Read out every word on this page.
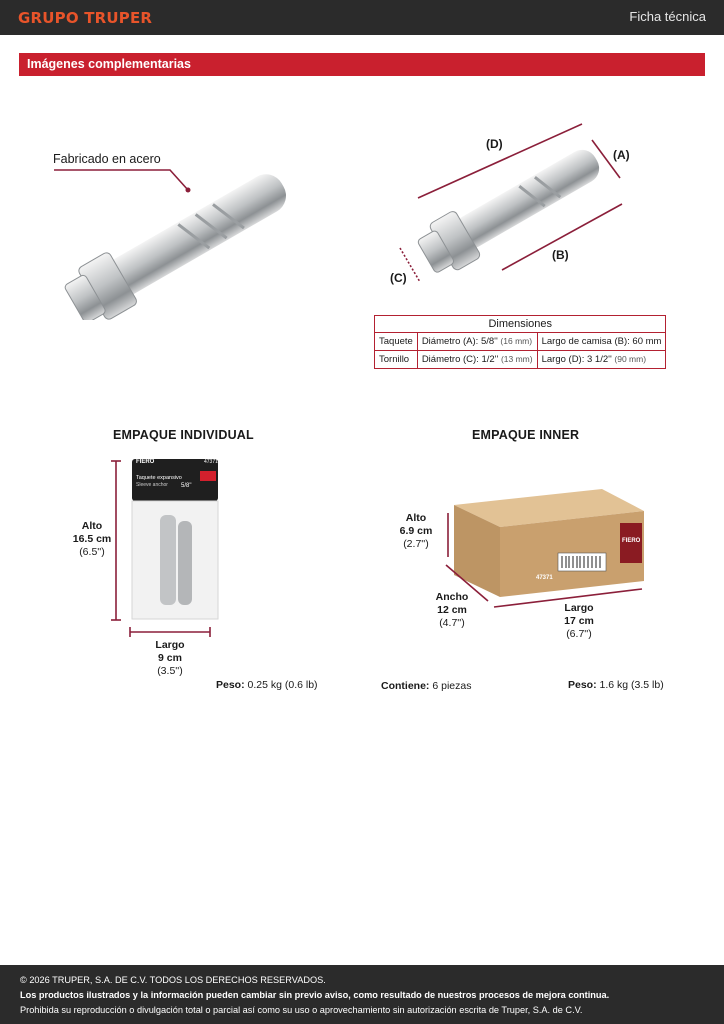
GRUPO TRUPER	Ficha técnica
Imágenes complementarias
Fabricado en acero
(D)
(A)
(B)
(C)
Dimensiones		
Taquete	Diámetro (A): 5/8'' (16 mm)	Largo de camisa (B): 60 mm
Tornillo	Diámetro (C): 1/2'' (13 mm)	Largo (D): 3 1/2'' (90 mm)
EMPAQUE INDIVIDUAL
FIERO	47371
Taquete expansivo
Sleeve anchor 5/8"
Alto
16.5 cm
(6.5'')
Largo
9 cm
(3.5'')
Peso: 0.25 kg (0.6 lb)
EMPAQUE INNER
47371
FIERO
Alto
6.9 cm
(2.7'')
Ancho
12 cm
(4.7'')
Largo
17 cm
(6.7'')
Contiene: 6 piezas	Peso: 1.6 kg (3.5 lb)
© 2026 TRUPER, S.A. DE C.V. TODOS LOS DERECHOS RESERVADOS.
Los productos ilustrados y la información pueden cambiar sin previo aviso, como resultado de nuestros procesos de mejora continua.
Prohibida su reproducción o divulgación total o parcial así como su uso o aprovechamiento sin autorización escrita de Truper, S.A. de C.V.
